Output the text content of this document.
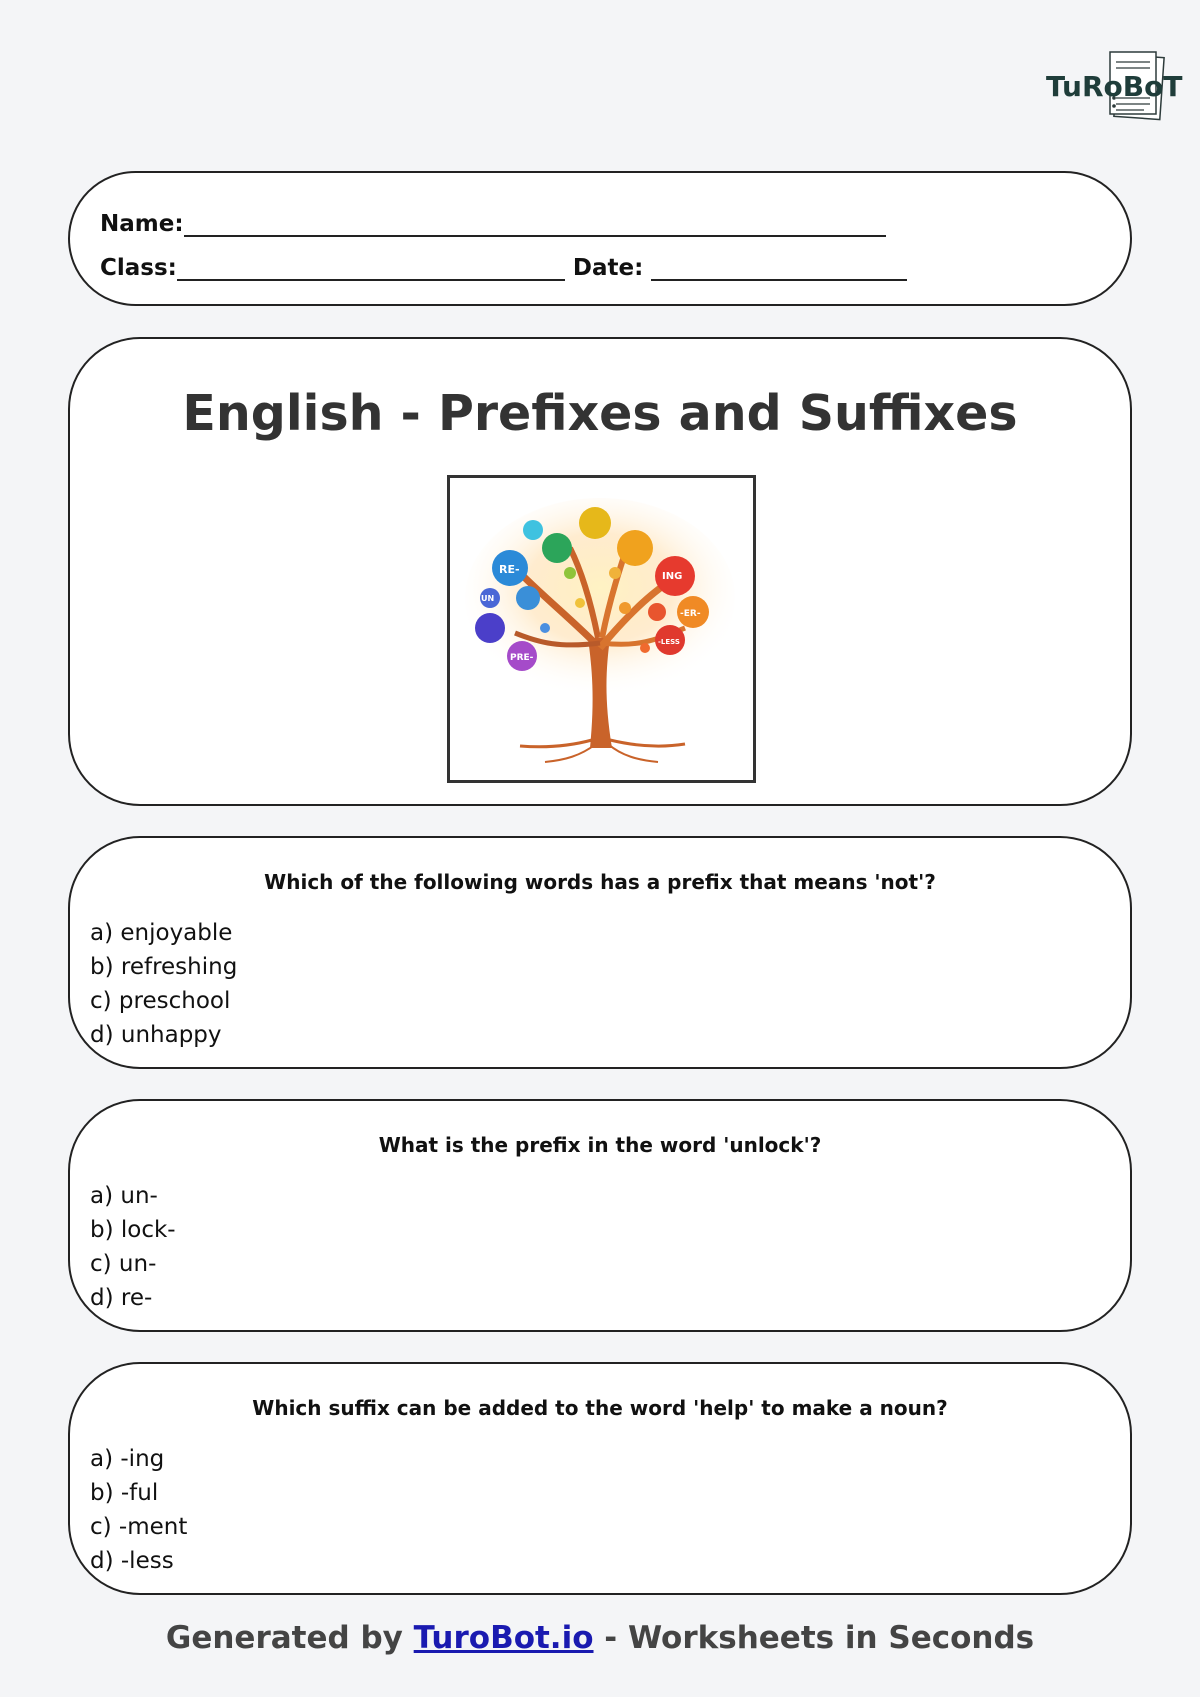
TuRoBoT
Name:
Class:	Date:
English - Prefixes and Suffixes
RE-
UN
PRE-
ING
-ER-
-LESS
Which of the following words has a prefix that means 'not'?
a) enjoyable
b) refreshing
c) preschool
d) unhappy
What is the prefix in the word 'unlock'?
a) un-
b) lock-
c) un-
d) re-
Which suffix can be added to the word 'help' to make a noun?
a) -ing
b) -ful
c) -ment
d) -less
Generated by TuroBot.io - Worksheets in Seconds
